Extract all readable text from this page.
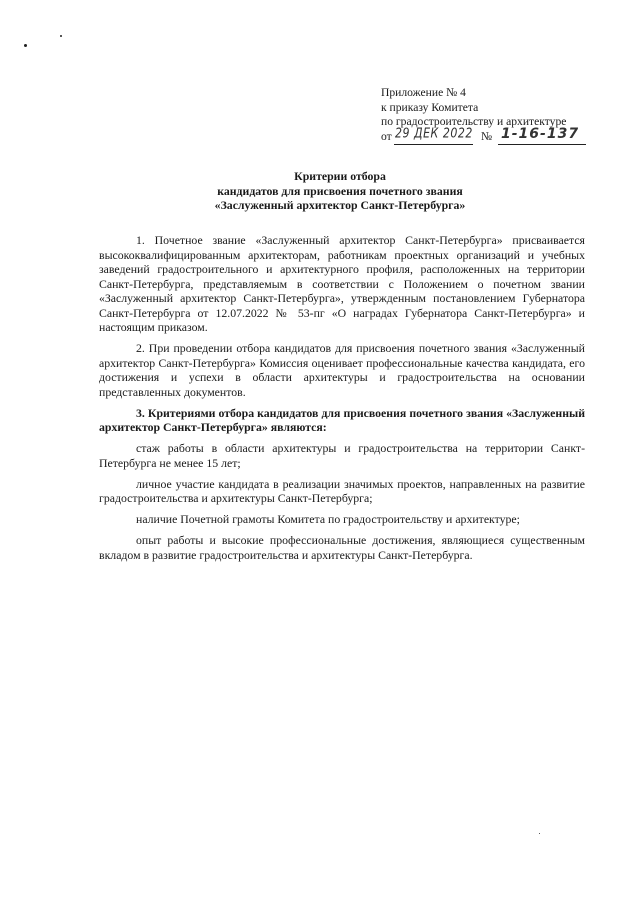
Приложение № 4
к приказу Комитета
по градостроительству и архитектуре
от 29 ДЕК 2022 № 1-16-137
Критерии отбора
кандидатов для присвоения почетного звания
«Заслуженный архитектор Санкт-Петербурга»

1. Почетное звание «Заслуженный архитектор Санкт-Петербурга» присваивается высококвалифицированным архитекторам, работникам проектных организаций и учебных заведений градостроительного и архитектурного профиля, расположенных на территории Санкт-Петербурга, представляемым в соответствии с Положением о почетном звании «Заслуженный архитектор Санкт-Петербурга», утвержденным постановлением Губернатора Санкт-Петербурга от 12.07.2022 № 53-пг «О наградах Губернатора Санкт-Петербурга» и настоящим приказом.

2. При проведении отбора кандидатов для присвоения почетного звания «Заслуженный архитектор Санкт-Петербурга» Комиссия оценивает профессиональные качества кандидата, его достижения и успехи в области архитектуры и градостроительства на основании представленных документов.

3. Критериями отбора кандидатов для присвоения почетного звания «Заслуженный архитектор Санкт-Петербурга» являются:

стаж работы в области архитектуры и градостроительства на территории Санкт-Петербурга не менее 15 лет;

личное участие кандидата в реализации значимых проектов, направленных на развитие градостроительства и архитектуры Санкт-Петербурга;

наличие Почетной грамоты Комитета по градостроительству и архитектуре;

опыт работы и высокие профессиональные достижения, являющиеся существенным вкладом в развитие градостроительства и архитектуры Санкт-Петербурга.
